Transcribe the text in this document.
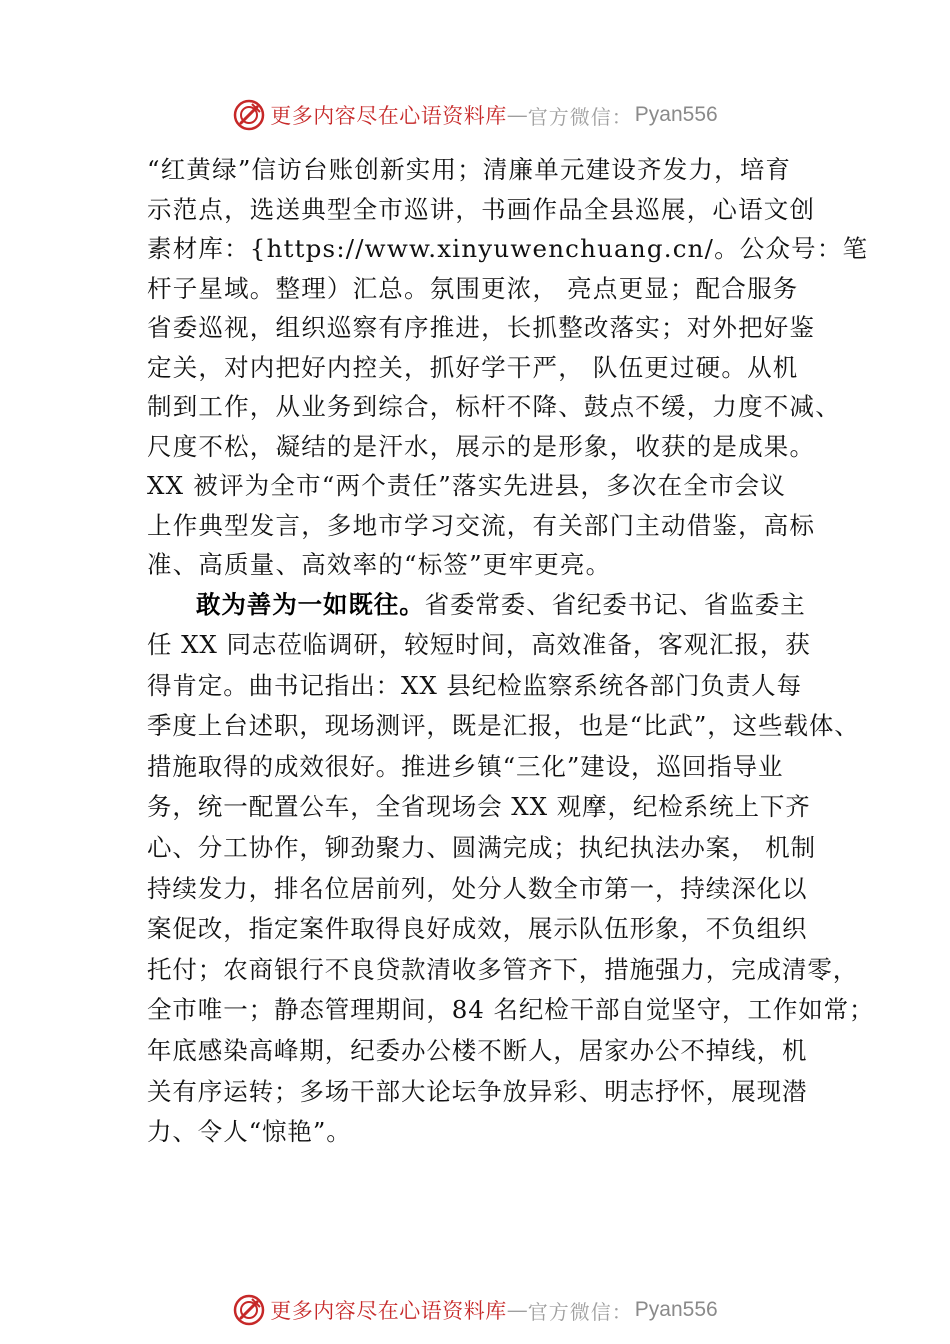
更多内容尽在心语资料库 — 官方微信： Pyan556
“红黄绿”信访台账创新实用；清廉单元建设齐发力，培育
示范点，选送典型全市巡讲，书画作品全县巡展，心语文创
素材库：{https://www.xinyuwenchuang.cn/。公众号：笔
杆子星域。整理）汇总。氛围更浓， 亮点更显；配合服务
省委巡视，组织巡察有序推进，长抓整改落实；对外把好鉴
定关，对内把好内控关，抓好学干严， 队伍更过硬。从机
制到工作，从业务到综合，标杆不降、鼓点不缓，力度不减、
尺度不松，凝结的是汗水，展示的是形象，收获的是成果。
XX 被评为全市“两个责任”落实先进县，多次在全市会议
上作典型发言，多地市学习交流，有关部门主动借鉴，高标
准、高质量、高效率的“标签”更牢更亮。
敢为善为一如既往。省委常委、省纪委书记、省监委主
任 XX 同志莅临调研，较短时间，高效准备，客观汇报，获
得肯定。曲书记指出：XX 县纪检监察系统各部门负责人每
季度上台述职，现场测评，既是汇报，也是“比武”，这些载体、
措施取得的成效很好。推进乡镇“三化”建设，巡回指导业
务，统一配置公车，全省现场会 XX 观摩，纪检系统上下齐
心、分工协作，铆劲聚力、圆满完成；执纪执法办案， 机制
持续发力，排名位居前列，处分人数全市第一，持续深化以
案促改，指定案件取得良好成效，展示队伍形象，不负组织
托付；农商银行不良贷款清收多管齐下，措施强力，完成清零，
全市唯一；静态管理期间，84 名纪检干部自觉坚守，工作如常；
年底感染高峰期，纪委办公楼不断人，居家办公不掉线，机
关有序运转；多场干部大论坛争放异彩、明志抒怀，展现潜
力、令人“惊艳”。
更多内容尽在心语资料库 — 官方微信： Pyan556
